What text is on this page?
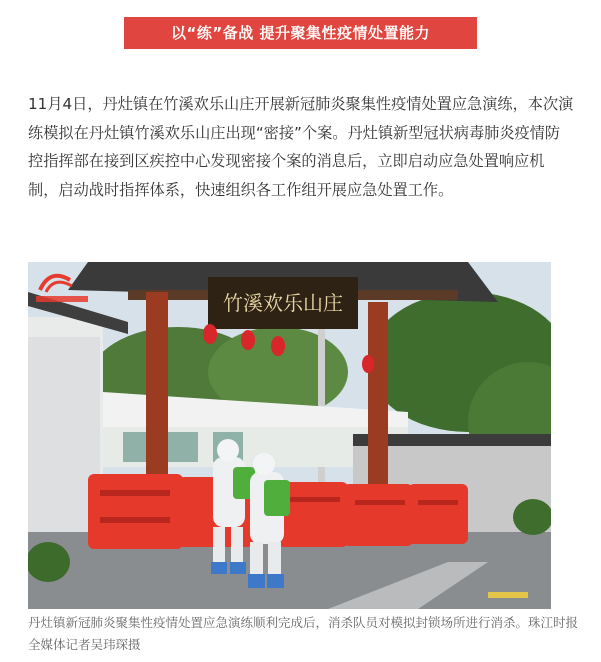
以“练”备战 提升聚集性疫情处置能力

11月4日，丹灶镇在竹溪欢乐山庄开展新冠肺炎聚集性疫情处置应急演练，本次演练模拟在丹灶镇竹溪欢乐山庄出现“密接”个案。丹灶镇新型冠状病毒肺炎疫情防控指挥部在接到区疾控中心发现密接个案的消息后，立即启动应急处置响应机制，启动战时指挥体系，快速组织各工作组开展应急处置工作。

竹溪欢乐山庄

丹灶镇新冠肺炎聚集性疫情处置应急演练顺利完成后，消杀队员对模拟封锁场所进行消杀。珠江时报全媒体记者吴玮琛摄
